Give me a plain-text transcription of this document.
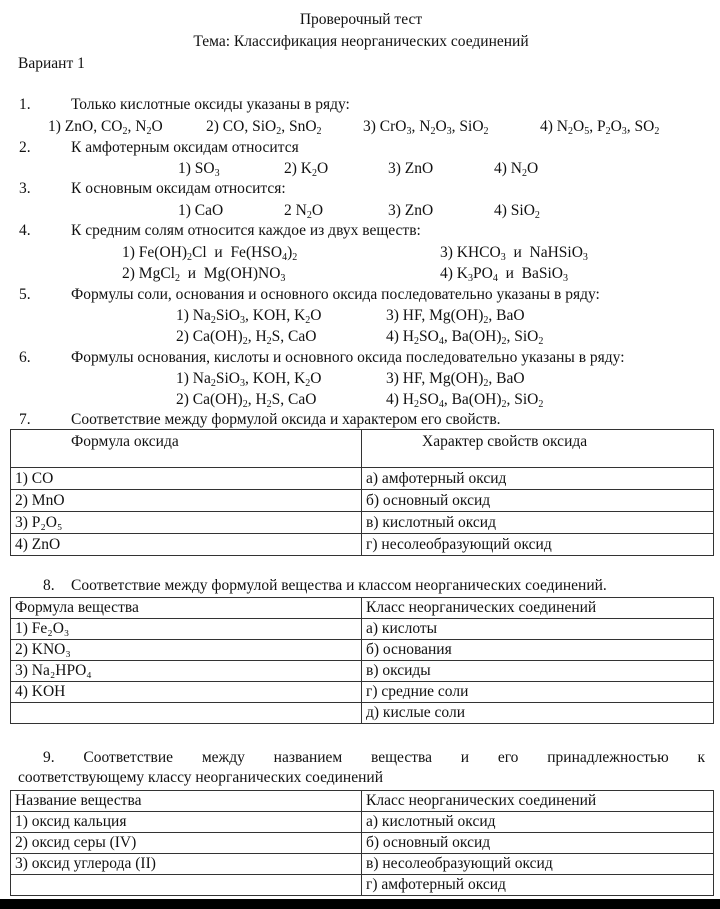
Проверочный тест
Тема: Классификация неорганических соединений
Вариант 1
1.	Только кислотные оксиды указаны в ряду:
1) ZnO, $CO_2$, $N_2O$	2) CO, SiO$_2$, SnO$_2$	3) CrO$_3$, $N_2O_3$, SiO$_2$	4) $N_2O_5$, $P_2O_3$, $SO_2$
2.	К амфотерным оксидам относится
1) $SO_3$	2) $K_2O$	3) ZnO	4) $N_2O$
3.	К основным оксидам относится:
1) CaO	2 $N_2O$	3) ZnO	4) SiO$_2$
4.	К средним солям относится каждое из двух веществ:
1) $Fe(OH)_2Cl$  и  $Fe(HSO_4)_2$	3) $KHCO_3$  и  NaHSiO$_3$
2) MgCl$_2$  и  $Mg(OH)NO_3$	4) $K_3PO_4$  и  BaSiO$_3$
5.	Формулы соли, основания и основного оксида последовательно указаны в ряду:
1) $Na_2SiO_3$, KOH, $K_2O$	3) HF, $Mg(OH)_2$, BaO
2) $Ca(OH)_2$, $H_2S$, CaO	4) $H_2SO_4$, $Ba(OH)_2$, SiO$_2$
6.	Формулы основания, кислоты и основного оксида последовательно указаны в ряду:
1) $Na_2SiO_3$, KOH, $K_2O$	3) HF, $Mg(OH)_2$, BaO
2) $Ca(OH)_2$, $H_2S$, CaO	4) $H_2SO_4$, $Ba(OH)_2$, SiO$_2$
7.	Соответствие между формулой оксида и характером его свойств.
Формула оксида	Характер свойств оксида
1) CO	а) амфотерный оксид
2) MnO	б) основный оксид
3) P₂O₅	в) кислотный оксид
4) ZnO	г) несолеобразующий оксид
8. Соответствие между формулой вещества и классом неорганических соединений.
Формула вещества	Класс неорганических соединений
1) Fe₂O₃	а) кислоты
2) KNO₃	б) основания
3) Na₂HPO₄	в) оксиды
4) KOH	г) средние соли
	д) кислые соли
9. Соответствие между названием вещества и его принадлежностью к
соответствующему классу неорганических соединений
Название вещества	Класс неорганических соединений
1) оксид кальция	а) кислотный оксид
2) оксид серы (IV)	б) основный оксид
3) оксид углерода (II)	в) несолеобразующий оксид
	г) амфотерный оксид
